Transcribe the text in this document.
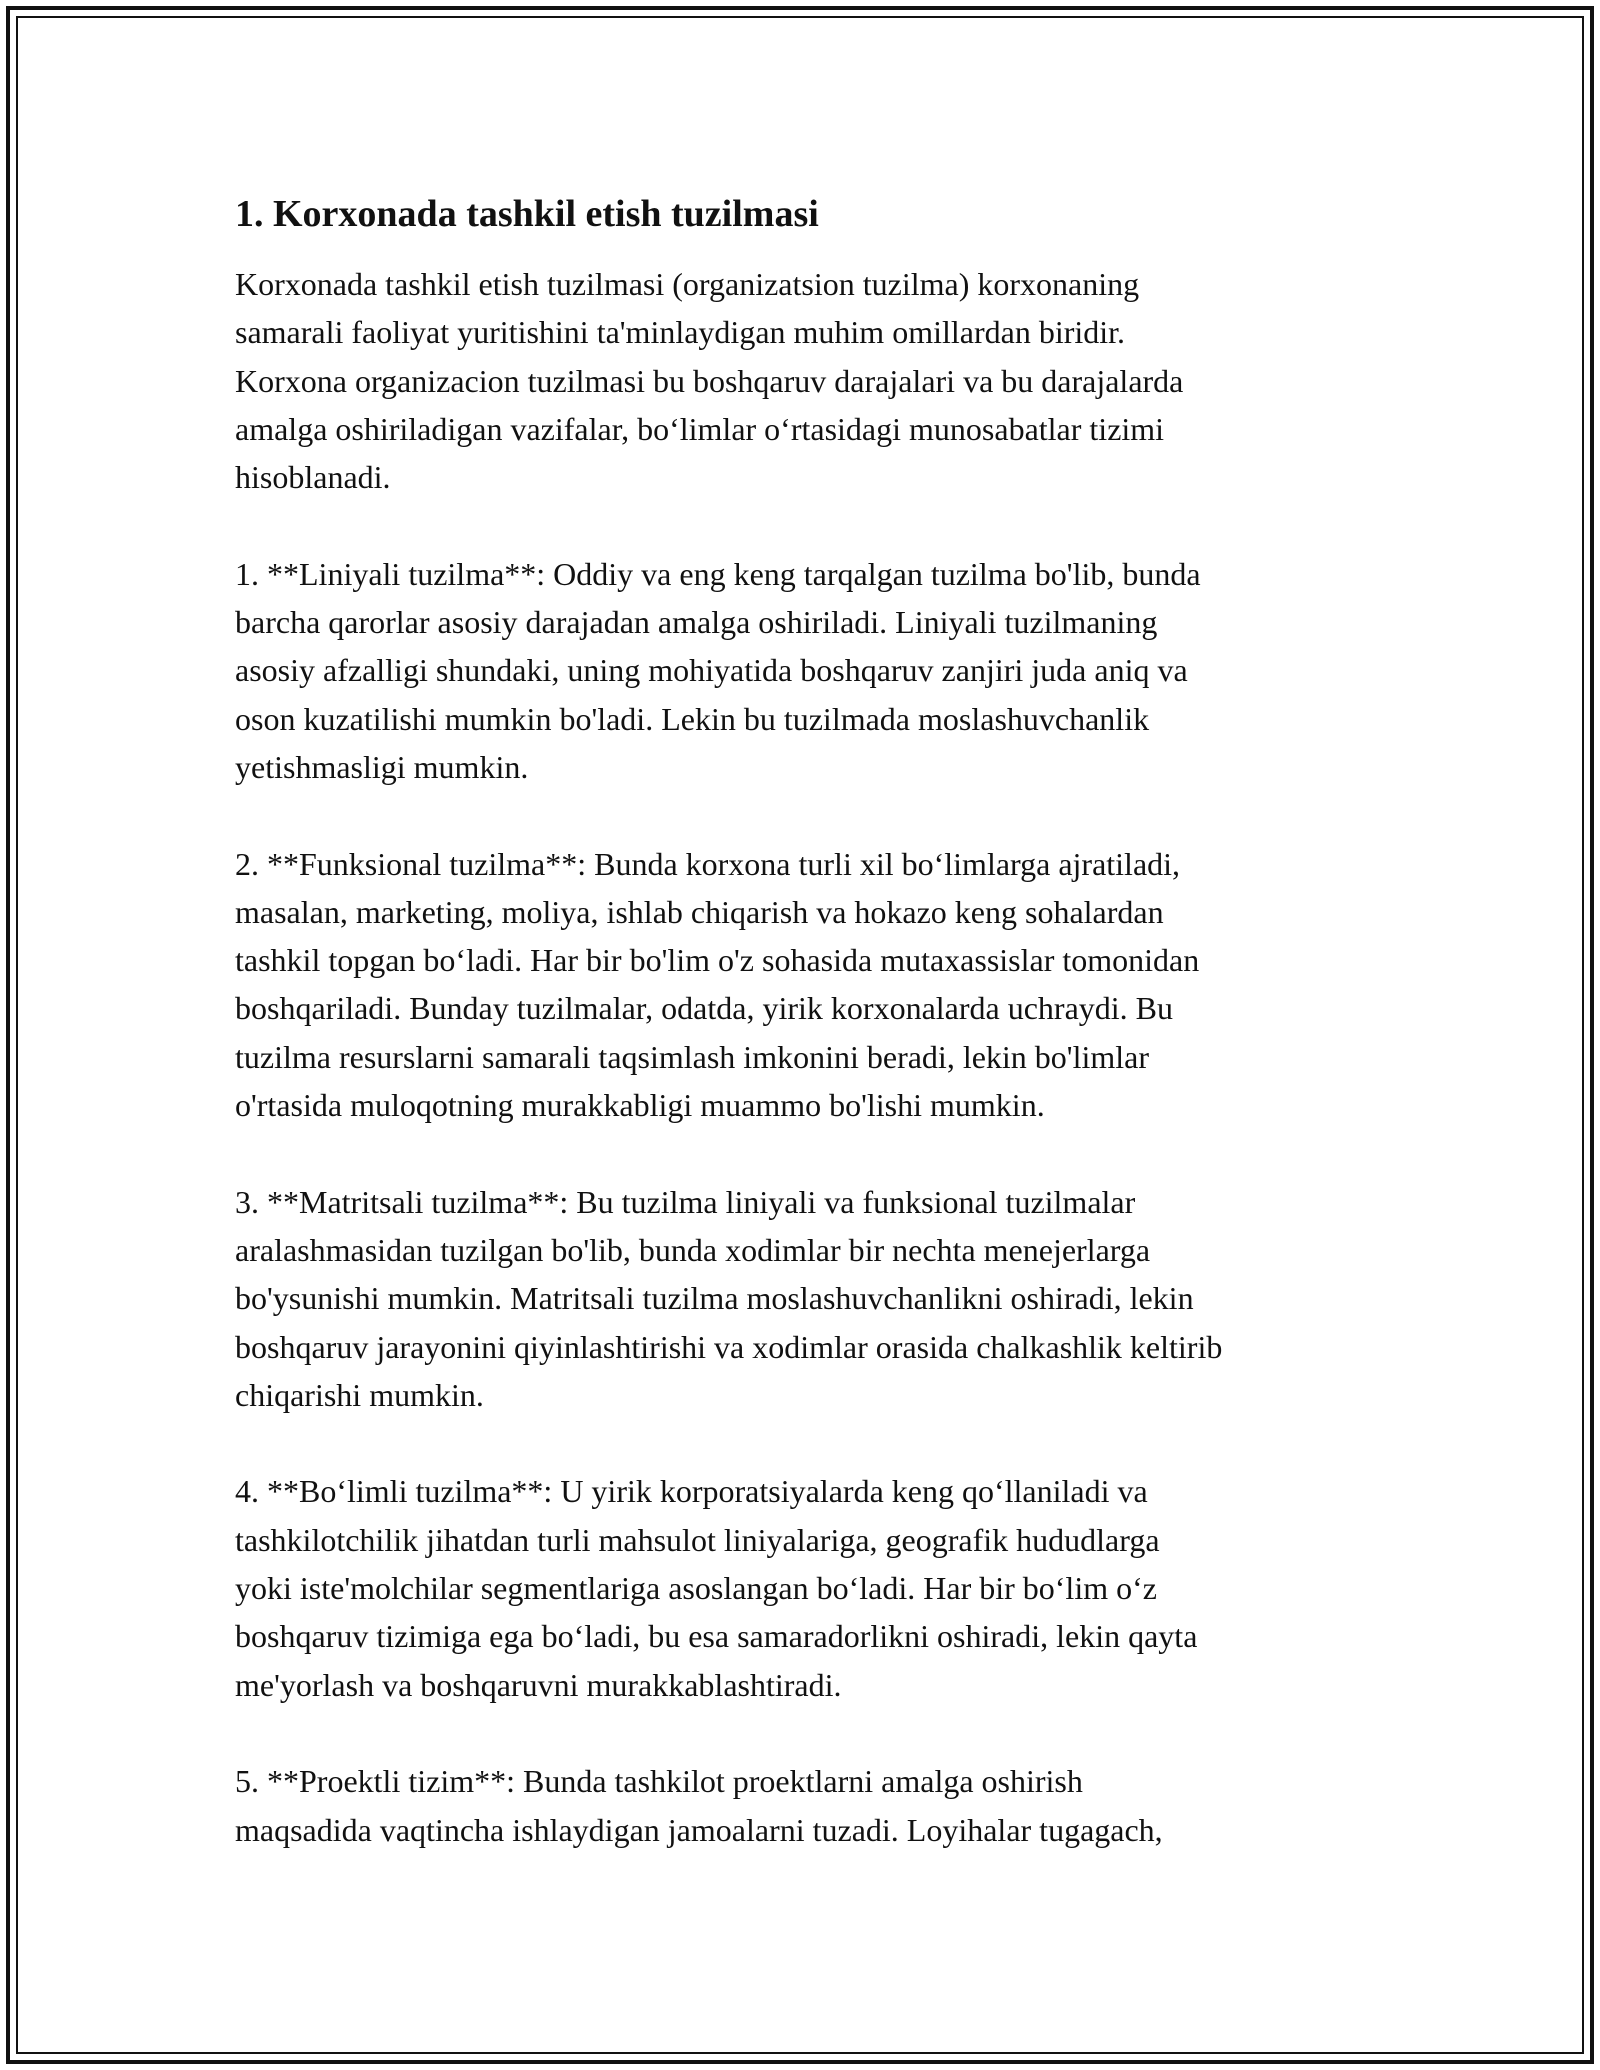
1. Korxonada tashkil etish tuzilmasi

Korxonada tashkil etish tuzilmasi (organizatsion tuzilma) korxonaning
samarali faoliyat yuritishini ta'minlaydigan muhim omillardan biridir.
Korxona organizacion tuzilmasi bu boshqaruv darajalari va bu darajalarda
amalga oshiriladigan vazifalar, bo‘limlar o‘rtasidagi munosabatlar tizimi
hisoblanadi.

1. **Liniyali tuzilma**: Oddiy va eng keng tarqalgan tuzilma bo'lib, bunda
barcha qarorlar asosiy darajadan amalga oshiriladi. Liniyali tuzilmaning
asosiy afzalligi shundaki, uning mohiyatida boshqaruv zanjiri juda aniq va
oson kuzatilishi mumkin bo'ladi. Lekin bu tuzilmada moslashuvchanlik
yetishmasligi mumkin.

2. **Funksional tuzilma**: Bunda korxona turli xil bo‘limlarga ajratiladi,
masalan, marketing, moliya, ishlab chiqarish va hokazo keng sohalardan
tashkil topgan bo‘ladi. Har bir bo'lim o'z sohasida mutaxassislar tomonidan
boshqariladi. Bunday tuzilmalar, odatda, yirik korxonalarda uchraydi. Bu
tuzilma resurslarni samarali taqsimlash imkonini beradi, lekin bo'limlar
o'rtasida muloqotning murakkabligi muammo bo'lishi mumkin.

3. **Matritsali tuzilma**: Bu tuzilma liniyali va funksional tuzilmalar
aralashmasidan tuzilgan bo'lib, bunda xodimlar bir nechta menejerlarga
bo'ysunishi mumkin. Matritsali tuzilma moslashuvchanlikni oshiradi, lekin
boshqaruv jarayonini qiyinlashtirishi va xodimlar orasida chalkashlik keltirib
chiqarishi mumkin.

4. **Bo‘limli tuzilma**: U yirik korporatsiyalarda keng qo‘llaniladi va
tashkilotchilik jihatdan turli mahsulot liniyalariga, geografik hududlarga
yoki iste'molchilar segmentlariga asoslangan bo‘ladi. Har bir bo‘lim o‘z
boshqaruv tizimiga ega bo‘ladi, bu esa samaradorlikni oshiradi, lekin qayta
me'yorlash va boshqaruvni murakkablashtiradi.

5. **Proektli tizim**: Bunda tashkilot proektlarni amalga oshirish
maqsadida vaqtincha ishlaydigan jamoalarni tuzadi. Loyihalar tugagach,
